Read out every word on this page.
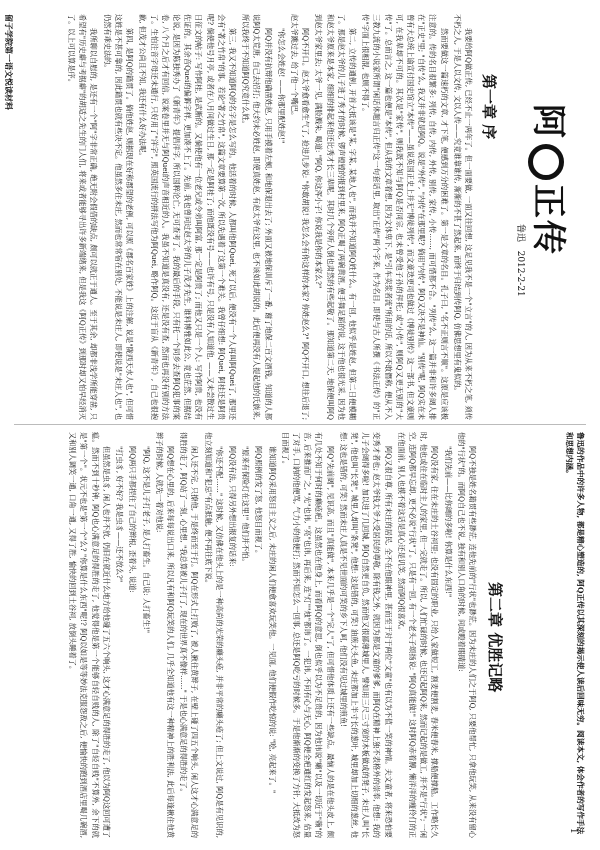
阿正传
鲁迅   2012-2-21
第一章 序

我要给阿Q做正传, 已经不止一两年了。但一面要做, 一面又往回想, 这足见我不是一个"立言"的人, 因为从来不朽之笔, 须传不朽之人, 于是人以文传, 文以人传——究竟谁靠谁传, 渐渐的不甚了然起来, 而终于归结到传阿Q, 仿佛思想里有鬼似的。

然而要做这一篇速朽的文章, 才下笔, 便感到万分的困难了。第一是文章的名目。孔子曰, "名不正则言不顺"。这原是应该极注意的。传的名目很繁多: 列传, 自传, 内传, 外传, 别传, 家传, 小传……, 而可惜都不合。"列传"么, 这一篇并非和许多阔人排在"正史"里; "自传"么, 我又并非就是阿Q。说是"外传", "内传"在那里呢? 倘用"内传", 阿Q又决不是神仙。"别传"呢, 阿Q实在未曾有大总统上谕宣付国史馆立"本传"——虽说英国正史上并无"博徒列传", 而文豪迭更司也做过《博徒别传》这一部书, 但文豪则可, 在我辈却不可的。其次是"家传", 则我既不知与阿Q是否同宗, 也未曾受他子孙的拜托; 或"小传", 则阿Q又更无别的"大传"了。总而言之, 这一篇也便是"本传", 但从我的文章着想, 因为文体卑下, 是"引车卖浆者流"所用的话, 所以不敢僭称, 便从不入三教九流的小说家所谓"闲话休题言归正传"这一句套话里, 取出"正传"两个字来, 作为名目, 即使与古人所撰《书法正传》的"正传"字面上很相混, 也顾不得了。

第二, 立传的通例, 开首大抵该是"某, 字某, 某地人也", 而我并不知道阿Q姓什么。有一回, 他似乎是姓赵, 但第二日便模糊了。那是赵太爷的儿子进了秀才的时候, 锣声镗镗的报到村里来, 阿Q正喝了两碗黄酒, 便手舞足蹈的说, 这于他也很光采, 因为他和赵太爷原来是本家, 细细的排起来他还比秀才长三辈呢。其时几个旁听人倒也肃然的有些起敬了。那知道第二天, 地保便叫阿Q到赵太爷家里去; 太爷一见, 满脸溅朱, 喝道: "阿Q, 你这浑小子! 你说我是你的本家么?"

阿Q不开口。赵太爷愈看愈生气了, 抢进几步说: "你敢胡说! 我怎么会有你这样的本家? 你姓赵么?" 阿Q不开口, 想往后退了; 赵太爷跳过去, 给了他一个嘴巴。

"你怎么会姓赵! ——你那里配姓赵!"

阿Q并没有抗辩他确凿姓赵, 只用手摸着左颊, 和地保退出去了; 外面又被地保训斥了一番, 谢了地保二百文酒钱。知道的人都说阿Q太荒唐, 自己去招打; 他大约未必姓赵, 即使真姓赵, 有赵太爷在这里, 也不该如此胡说的。此后便再没有人提起他的氏族来, 所以我终于不知道阿Q究竟什么姓。

第三, 我又不知道阿Q的名字是怎么写的。他活着的时候, 人都叫他阿Quei, 死了以后, 便没有一个人再叫阿Quei了, 那里还会有"著之竹帛"的事。若论"著之竹帛", 这篇文章要算第一次, 所以先遇着了这第一个难关。我曾仔细想: 阿Quei, 阿桂还是阿贵呢? 倘使他号月亭, 或者在八月间做过生日, 那一定是阿桂了; 而他既没有号——也许有号, 只是没有人知道他, ——又未尝散过生日征文的帖子: 写作阿桂, 是武断的。又倘使他有一位老兄或令弟叫阿富, 那一定是阿贵了; 而他又只是一个人: 写作阿贵, 也没有佐证的。其余音Quei的偏僻字样, 更加凑不上了。先前, 我也曾问过赵太爷的儿子茂才先生, 谁料博雅如此公, 竟也茫然, 但据结论说, 是因为陈独秀办了《新青年》提倡洋字, 所以国粹沦亡, 无可查考了。我的最后的手段, 只有托一个同乡去查阿Q犯事的案卷, 八个月之后才有回信, 说案卷里并无与阿Quei的声音相近的人。我虽不知道是真没有, 还是没有查, 然而也再没有别的方法了。生怕注音字母还未通行, 只好用了"洋字", 照英国流行的拼法写他为阿Quei, 略作阿Q。这近于盲从《新青年》, 自己也很抱歉, 但茂才公尚且不知, 我还有什么好办法呢。

第四, 是阿Q的籍贯了。倘他姓赵, 则据现在好称郡望的老例, 可以照《郡名百家姓》上的注解, 说是"陇西天水人也", 但可惜这姓是不甚可靠的, 因此籍贯也就有些决不定。他虽然多住未庄, 然而也常常宿在别处, 不能说是未庄人, 即使说是"未庄人也", 也仍然有乖史法的。

我所聊以自慰的, 是还有一个"阿"字非常正确, 绝无附会假借的缺点, 颇可以就正于通人。至于其余, 却都非浅学所能穿凿, 只希望有"历史癖与考据癖"的胡适之先生的门人们, 将来或者能够寻出许多新端绪来, 但是我这《阿Q正传》到那时却又怕早经消灭了。以上可以算是序。

鲁迅的作品中的许多人物, 都是精心塑造的, 阿Q正传以其深刻的揭示使人读后回味无穷。阅读本文, 体会作者的写作手法和思想内涵。
第二章 优胜记略

阿Q不独是姓名籍贯有些渺茫, 连他先前的"行状"也渺茫。因为未庄的人们之于阿Q, 只要他帮忙, 只拿他玩笑, 从来没有留心他的"行状"的。而阿Q自己也不说, 独有和别人口角的时候, 间或瞪着眼睛道:

"我们先前——比你阔的多啦! 你算是什么东西!"

阿Q没有家, 住在未庄的土谷祠里; 也没有固定的职业, 只给人家做短工, 割麦便割麦, 舂米便舂米, 撑船便撑船。工作略长久时, 他也或住在临时主人的家里, 但一完就走了。所以, 人们忙碌的时候, 也还记起阿Q来, 然而记起的是做工, 并不是"行状"; 一闲空, 连阿Q都早忘却, 更不必说"行状"了。只是有一回, 有一个老头子颂扬说: "阿Q真能做!" 这时阿Q赤着膊, 懒洋洋的瘦伶仃的正在他面前, 别人也摸不着这话是真心还是讥笑, 然而阿Q很喜欢。

阿Q又很自尊, 所有未庄的居民, 全不在他眼神里, 甚而至于对于两位"文童"也有以为不值一笑的神情。夫文童者, 将来恐怕要变秀才者也; 赵太爷钱太爷大受居民的尊敬, 除有钱之外, 就因为都是文童的爹爹, 而阿Q在精神上独不表格外的崇奉, 他想: 我的儿子会阔得多啦! 加以进了几回城, 阿Q自然更自负, 然而他又很鄙薄城里人, 譬如用三尺三寸宽的木板做成的凳子, 未庄人叫"长凳", 他也叫"长凳", 城里人却叫"条凳", 他想: 这是错的, 可笑! 油煎大头鱼, 未庄都加上半寸长的葱叶, 城里却加上切细的葱丝, 他想: 这也是错的, 可笑! 然而未庄人真是不见世面的可笑的乡下人呵, 他们没有见过城里的煎鱼!

阿Q"先前阔", 见识高, 而且"真能做", 本来几乎是一个"完人"了, 但可惜他体质上还有一些缺点。最恼人的是在他头皮上, 颇有几处不知于何时的癞疮疤。这虽然也在他身上, 而看阿Q的意思, 倒也似乎以为不足贵的, 因为他讳说"癞"以及一切近于"赖"的音, 后来推而广之, "光"也讳, "亮"也讳, 再后来, 连"灯""烛"都讳了。一犯讳, 不问有心与无心, 阿Q便全疤通红的发起怒来, 估量了对手, 口讷的他便骂, 气力小的他便打; 然而不知怎么一回事, 总还是阿Q吃亏的时候多。于是他渐渐的变换了方针, 大抵改为怒目而视了。

谁知道阿Q采用怒目主义之后, 未庄的闲人们便愈喜欢玩笑他。一见面, 他们便假作吃惊的说: "哙, 亮起来了。"

阿Q照例的发了怒, 他怒目而视了。

"原来有保险灯在这里!" 他们并不怕。

阿Q没有法, 只得另外想出报复的话来:

"你还不配……" 这时候, 又仿佛在他头上的是一种高尚的光荣的癞头疮, 并非平常的癞头疮了; 但上文说过, 阿Q是有见识的, 他立刻知道和"犯忌"有点抵触, 便不再往底下说。

闲人还不完, 只撩他, 于是终而至于打。阿Q在形式上打败了, 被人揪住黄辫子, 在壁上碰了四五个响头, 闲人这才心满意足的得胜的走了, 阿Q站了一刻, 心里想, "我总算被儿子打了, 现在的世界真不像样……" 于是也心满意足的得胜的走了。

阿Q想在心里的, 后来每每说出口来, 所以凡有和阿Q玩笑的人们, 几乎全知道他有这一种精神上的胜利法, 此后每逢揪住他黄辫子的时候, 人就先一着对他说:

"阿Q, 这不是儿子打老子, 是人打畜生。自己说: 人打畜生!"

阿Q两只手都捏住了自己的辫根, 歪着头, 说道:

"打虫豸, 好不好? 我是虫豸——还不放么?"

但虽然是虫豸, 闲人也并不放, 仍旧在就近什么地方给他碰了五六个响头, 这才心满意足的得胜的走了, 他以为阿Q这回可遭了瘟。然而不到十秒钟, 阿Q也心满意足的得胜的走了, 他觉得他是第一个能够自轻自贱的人, 除了"自轻自贱"不算外, 余下的就是"第一个"。状元不也是"第一个"么? "你算是什么东西"呢!? 阿Q以如是等等妙法克服怨敌之后, 便愉快的跑到酒店里喝几碗酒, 又和别人调笑一通, 口角一通, 又得了胜, 愉快的回到土谷祠, 放倒头睡着了。

留子学院第一语文悦读材料
1
